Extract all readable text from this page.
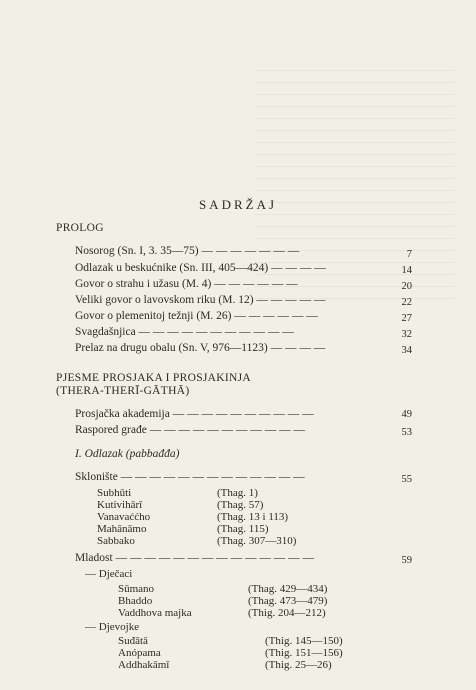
SADRŽAJ
PROLOG
Nosorog (Sn. I, 3. 35—75) — — — — — — —	7
Odlazak u beskućnike (Sn. III, 405—424) — — — —	14
Govor o strahu i užasu (M. 4) — — — — — —	20
Veliki govor o lavovskom riku (M. 12) — — — — —	22
Govor o plemenitoj težnji (M. 26) — — — — — —	27
Svagdašnjica — — — — — — — — — — —	32
Prelaz na drugu obalu (Sn. V, 976—1123) — — — —	34
PJESME PROSJAKA I PROSJAKINJA
(THERA-THERĪ-GĀTHĀ)
Prosjačka akademija — — — — — — — — — —	49
Raspored građe — — — — — — — — — — —	53
I. Odlazak (pabbađđa)
Sklonište — — — — — — — — — — — — —	55
Subhūti	(Thag. 1)
Kutivihārī	(Thag. 57)
Vanavaććho	(Thag. 13 i 113)
Mahānāmo	(Thag. 115)
Sabbako	(Thag. 307—310)
Mladost — — — — — — — — — — — — — —	59
— Dječaci
Sūmano	(Thag. 429—434)
Bhaddo	(Thag. 473—479)
Vaddhova majka	(Thig. 204—212)
— Djevojke
Suđātā	(Thig. 145—150)
Anópama	(Thig. 151—156)
Addhakāmī	(Thig. 25—26)
